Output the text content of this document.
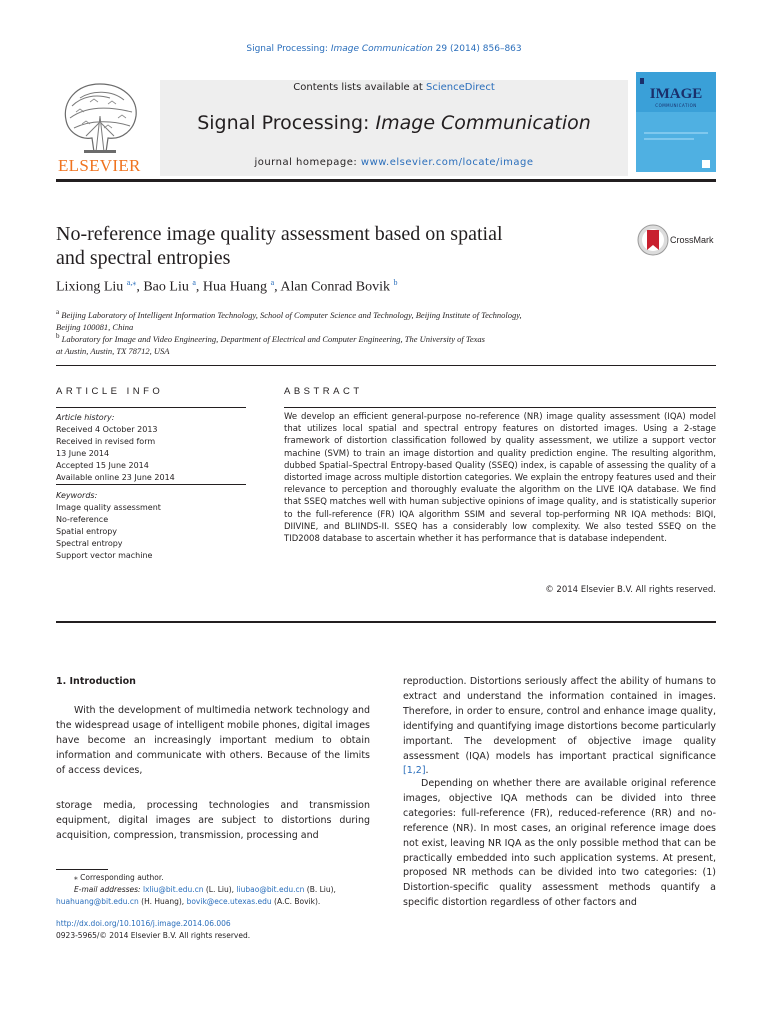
Signal Processing: Image Communication 29 (2014) 856–863
ELSEVIER
Contents lists available at ScienceDirect
Signal Processing: Image Communication
journal homepage: www.elsevier.com/locate/image
IMAGE
COMMUNICATION
No-reference image quality assessment based on spatial
and spectral entropies
CrossMark
Lixiong Liu $^{a,⁎}$, Bao Liu $^a$, Hua Huang $^a$, Alan Conrad Bovik $^b$
$^a$ Beijing Laboratory of Intelligent Information Technology, School of Computer Science and Technology, Beijing Institute of Technology,
Beijing 100081, China
$^b$ Laboratory for Image and Video Engineering, Department of Electrical and Computer Engineering, The University of Texas
at Austin, Austin, TX 78712, USA
ARTICLE INFO
Article history:
Received 4 October 2013
Received in revised form
13 June 2014
Accepted 15 June 2014
Available online 23 June 2014
Keywords:
Image quality assessment
No-reference
Spatial entropy
Spectral entropy
Support vector machine
ABSTRACT
We develop an efficient general-purpose no-reference (NR) image quality assessment (IQA) model that utilizes local spatial and spectral entropy features on distorted images. Using a 2-stage framework of distortion classification followed by quality assessment, we utilize a support vector machine (SVM) to train an image distortion and quality prediction engine. The resulting algorithm, dubbed Spatial–Spectral Entropy-based Quality (SSEQ) index, is capable of assessing the quality of a distorted image across multiple distortion categories. We explain the entropy features used and their relevance to perception and thoroughly evaluate the algorithm on the LIVE IQA database. We find that SSEQ matches well with human subjective opinions of image quality, and is statistically superior to the full-reference (FR) IQA algorithm SSIM and several top-performing NR IQA methods: BIQI, DIIVINE, and BLIINDS-II. SSEQ has a considerably low complexity. We also tested SSEQ on the TID2008 database to ascertain whether it has performance that is database independent.
© 2014 Elsevier B.V. All rights reserved.
1. Introduction
With the development of multimedia network technology and the widespread usage of intelligent mobile phones, digital images have become an increasingly important medium to obtain information and communicate with others. Because of the limits of access devices,
storage media, processing technologies and transmission equipment, digital images are subject to distortions during acquisition, compression, transmission, processing and
reproduction. Distortions seriously affect the ability of humans to extract and understand the information contained in images. Therefore, in order to ensure, control and enhance image quality, identifying and quantifying image distortions become particularly important. The development of objective image quality assessment (IQA) models has important practical significance [1,2].
Depending on whether there are available original reference images, objective IQA methods can be divided into three categories: full-reference (FR), reduced-reference (RR) and no-reference (NR). In most cases, an original reference image does not exist, leaving NR IQA as the only possible method that can be practically embedded into such application systems. At present, proposed NR methods can be divided into two categories: (1) Distortion-specific quality assessment methods quantify a specific distortion regardless of other factors and
⁎ Corresponding author.
E-mail addresses: lxliu@bit.edu.cn (L. Liu), liubao@bit.edu.cn (B. Liu),
huahuang@bit.edu.cn (H. Huang), bovik@ece.utexas.edu (A.C. Bovik).
http://dx.doi.org/10.1016/j.image.2014.06.006
0923-5965/© 2014 Elsevier B.V. All rights reserved.
